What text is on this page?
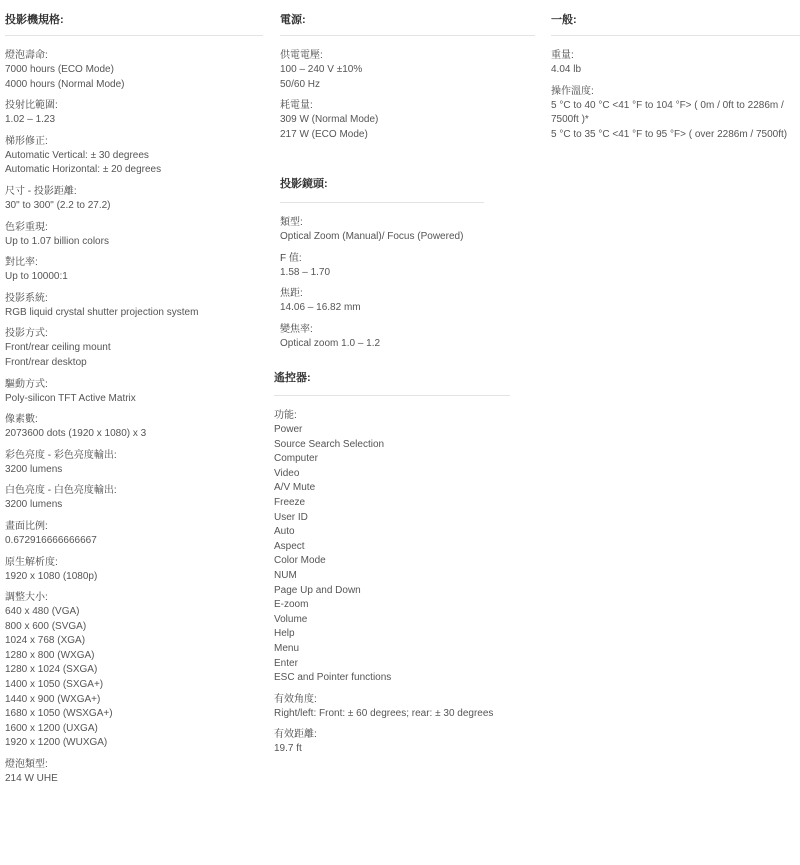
投影機規格:
燈泡壽命:
7000 hours (ECO Mode)
4000 hours (Normal Mode)
投射比範圍:
1.02 – 1.23
梯形修正:
Automatic Vertical: ± 30 degrees
Automatic Horizontal: ± 20 degrees
尺寸 - 投影距離:
30" to 300" (2.2 to 27.2)
色彩重現:
Up to 1.07 billion colors
對比率:
Up to 10000:1
投影系統:
RGB liquid crystal shutter projection system
投影方式:
Front/rear ceiling mount
Front/rear desktop
驅動方式:
Poly-silicon TFT Active Matrix
像素數:
2073600 dots (1920 x 1080) x 3
彩色亮度 - 彩色亮度輸出:
3200 lumens
白色亮度 - 白色亮度輸出:
3200 lumens
畫面比例:
0.672916666666667
原生解析度:
1920 x 1080 (1080p)
調整大小:
640 x 480 (VGA)
800 x 600 (SVGA)
1024 x 768 (XGA)
1280 x 800 (WXGA)
1280 x 1024 (SXGA)
1400 x 1050 (SXGA+)
1440 x 900 (WXGA+)
1680 x 1050 (WSXGA+)
1600 x 1200 (UXGA)
1920 x 1200 (WUXGA)
燈泡類型:
214 W UHE
電源:
供電電壓:
100 – 240 V ±10%
50/60 Hz
耗電量:
309 W (Normal Mode)
217 W (ECO Mode)
投影鏡頭:
類型:
Optical Zoom (Manual)/ Focus (Powered)
F 值:
1.58 – 1.70
焦距:
14.06 – 16.82 mm
變焦率:
Optical zoom 1.0 – 1.2
遙控器:
功能:
Power
Source Search Selection
Computer
Video
A/V Mute
Freeze
User ID
Auto
Aspect
Color Mode
NUM
Page Up and Down
E-zoom
Volume
Help
Menu
Enter
ESC and Pointer functions
有效角度:
Right/left: Front: ± 60 degrees; rear: ± 30 degrees
有效距離:
19.7 ft
一般:
重量:
4.04 lb
操作溫度:
5 °C to 40 °C <41 °F to 104 °F> ( 0m / 0ft to 2286m /
7500ft )*
5 °C to 35 °C <41 °F to 95 °F> ( over 2286m / 7500ft)
